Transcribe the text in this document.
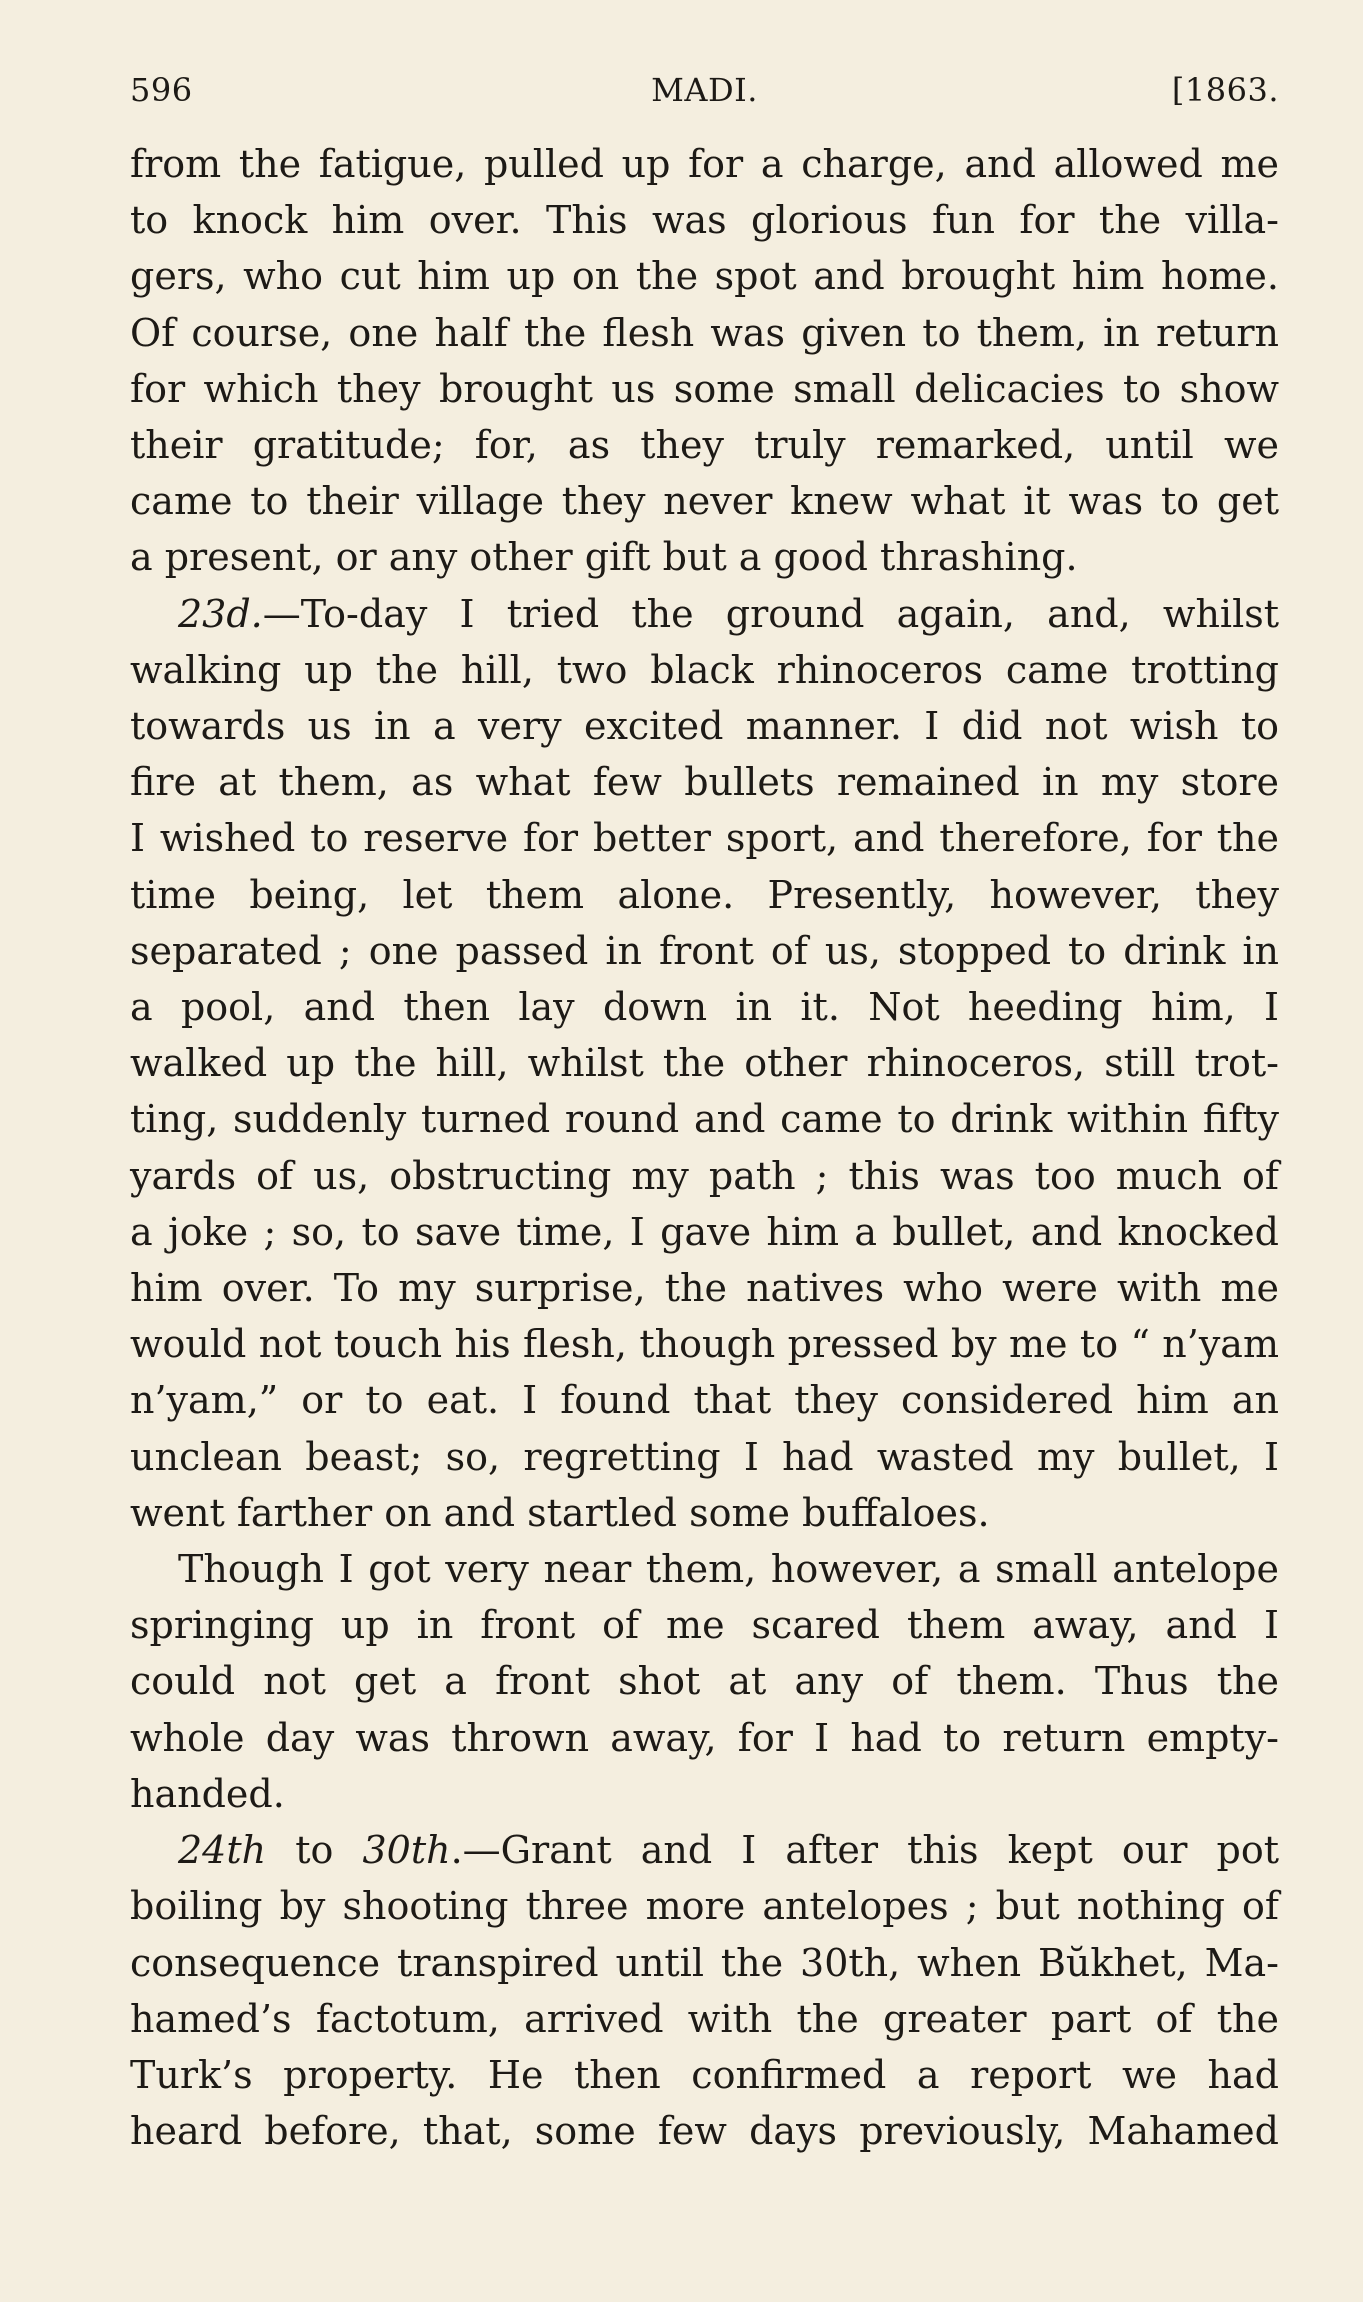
596	MADI.	[1863.
from the fatigue, pulled up for a charge, and allowed me
to knock him over. This was glorious fun for the villa-
gers, who cut him up on the spot and brought him home.
Of course, one half the flesh was given to them, in return
for which they brought us some small delicacies to show
their gratitude; for, as they truly remarked, until we
came to their village they never knew what it was to get
a present, or any other gift but a good thrashing.
23d.—To-day I tried the ground again, and, whilst
walking up the hill, two black rhinoceros came trotting
towards us in a very excited manner. I did not wish to
fire at them, as what few bullets remained in my store
I wished to reserve for better sport, and therefore, for the
time being, let them alone. Presently, however, they
separated ; one passed in front of us, stopped to drink in
a pool, and then lay down in it. Not heeding him, I
walked up the hill, whilst the other rhinoceros, still trot-
ting, suddenly turned round and came to drink within fifty
yards of us, obstructing my path ; this was too much of
a joke ; so, to save time, I gave him a bullet, and knocked
him over. To my surprise, the natives who were with me
would not touch his flesh, though pressed by me to “ n’yam
n’yam,” or to eat. I found that they considered him an
unclean beast; so, regretting I had wasted my bullet, I
went farther on and startled some buffaloes.
Though I got very near them, however, a small antelope
springing up in front of me scared them away, and I
could not get a front shot at any of them. Thus the
whole day was thrown away, for I had to return empty-
handed.
24th to 30th.—Grant and I after this kept our pot
boiling by shooting three more antelopes ; but nothing of
consequence transpired until the 30th, when Bŭkhet, Ma-
hamed’s factotum, arrived with the greater part of the
Turk’s property. He then confirmed a report we had
heard before, that, some few days previously, Mahamed
